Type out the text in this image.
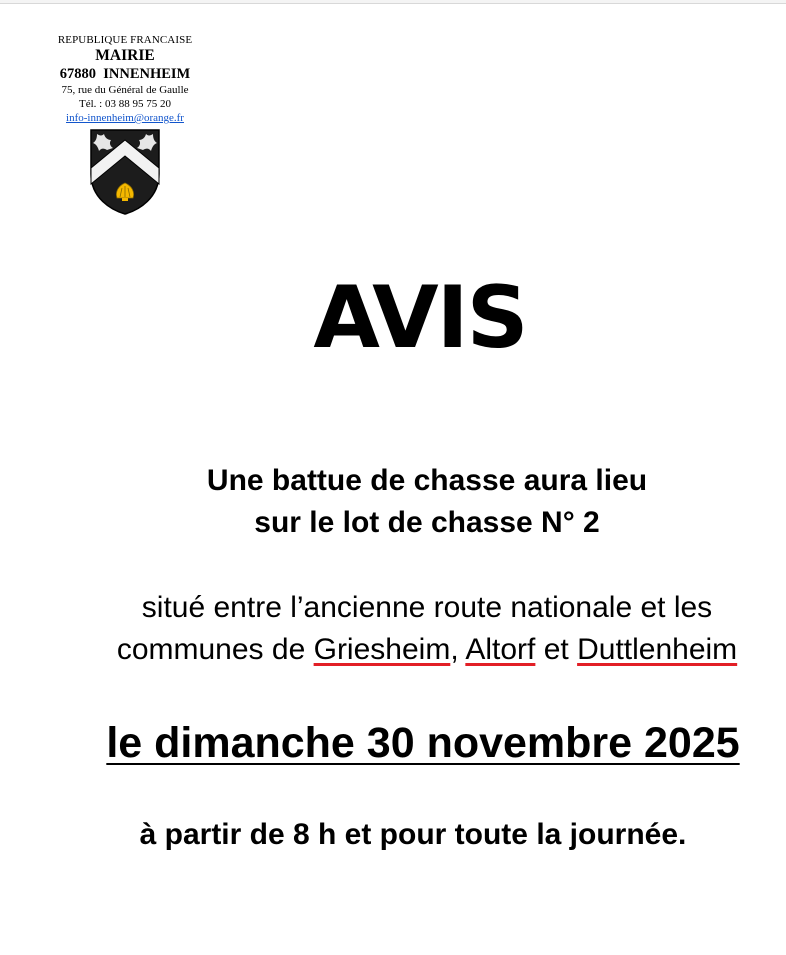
REPUBLIQUE FRANCAISE
MAIRIE
67880  INNENHEIM
75, rue du Général de Gaulle
Tél. : 03 88 95 75 20
info-innenheim@orange.fr
AVIS
Une battue de chasse aura lieu
sur le lot de chasse N° 2
situé entre l’ancienne route nationale et les
communes de Griesheim, Altorf et Duttlenheim
le dimanche 30 novembre 2025
à partir de 8 h et pour toute la journée.
